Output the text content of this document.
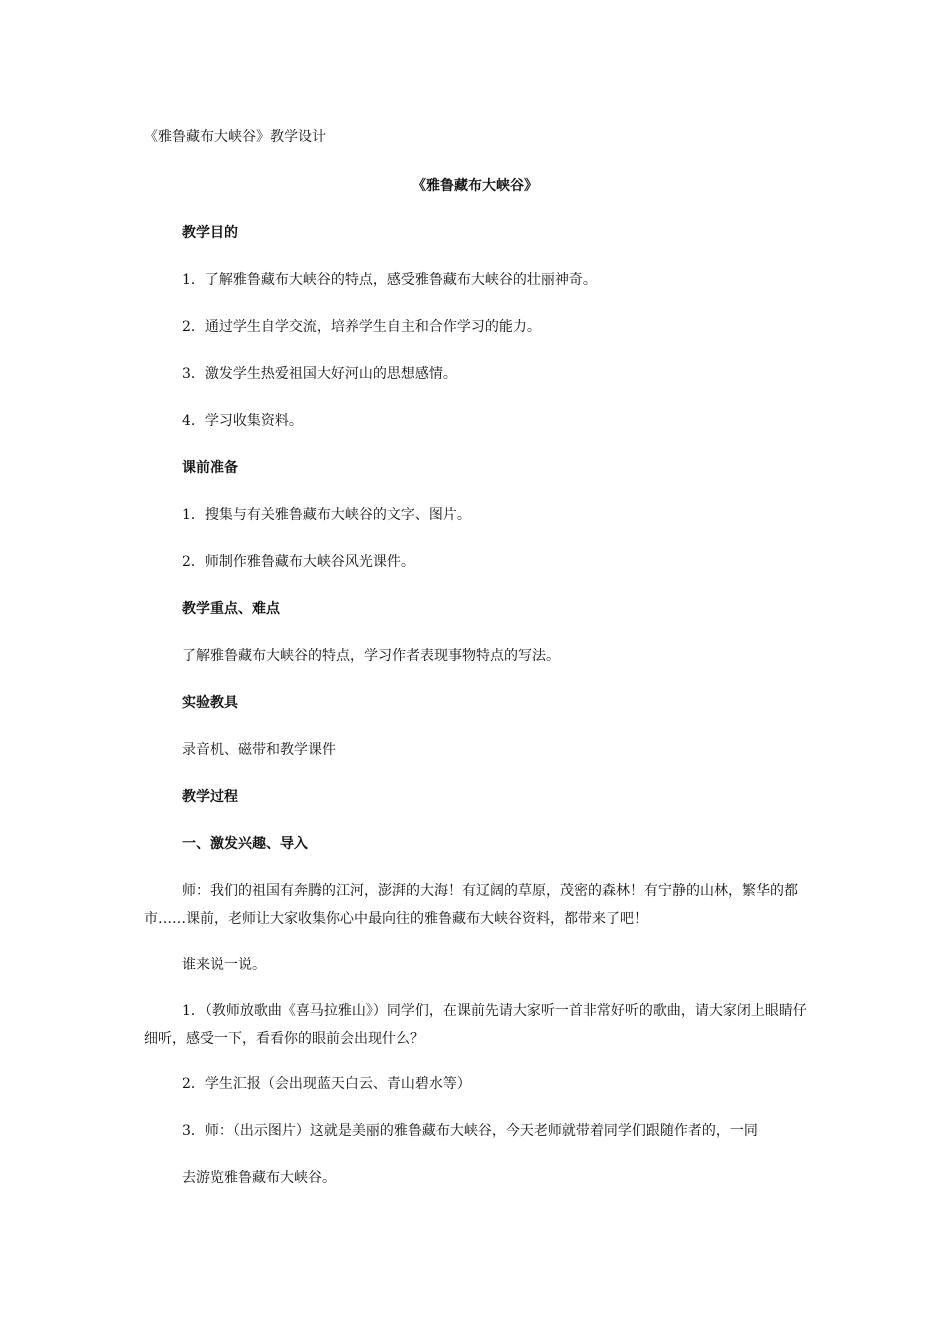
《雅鲁藏布大峡谷》教学设计
《雅鲁藏布大峡谷》
教学目的
1．了解雅鲁藏布大峡谷的特点，感受雅鲁藏布大峡谷的壮丽神奇。
2．通过学生自学交流，培养学生自主和合作学习的能力。
3．激发学生热爱祖国大好河山的思想感情。
4．学习收集资料。
课前准备
1．搜集与有关雅鲁藏布大峡谷的文字、图片。
2．师制作雅鲁藏布大峡谷风光课件。
教学重点、难点
了解雅鲁藏布大峡谷的特点，学习作者表现事物特点的写法。
实验教具
录音机、磁带和教学课件
教学过程
一、激发兴趣、导入
师：我们的祖国有奔腾的江河，澎湃的大海！有辽阔的草原，茂密的森林！有宁静的山林，繁华的都市……课前，老师让大家收集你心中最向往的雅鲁藏布大峡谷资料，都带来了吧！
谁来说一说。
1．（教师放歌曲《喜马拉雅山》）同学们，在课前先请大家听一首非常好听的歌曲，请大家闭上眼睛仔细听，感受一下，看看你的眼前会出现什么？
2．学生汇报（会出现蓝天白云、青山碧水等）
3．师：（出示图片）这就是美丽的雅鲁藏布大峡谷，今天老师就带着同学们跟随作者的，一同
去游览雅鲁藏布大峡谷。
